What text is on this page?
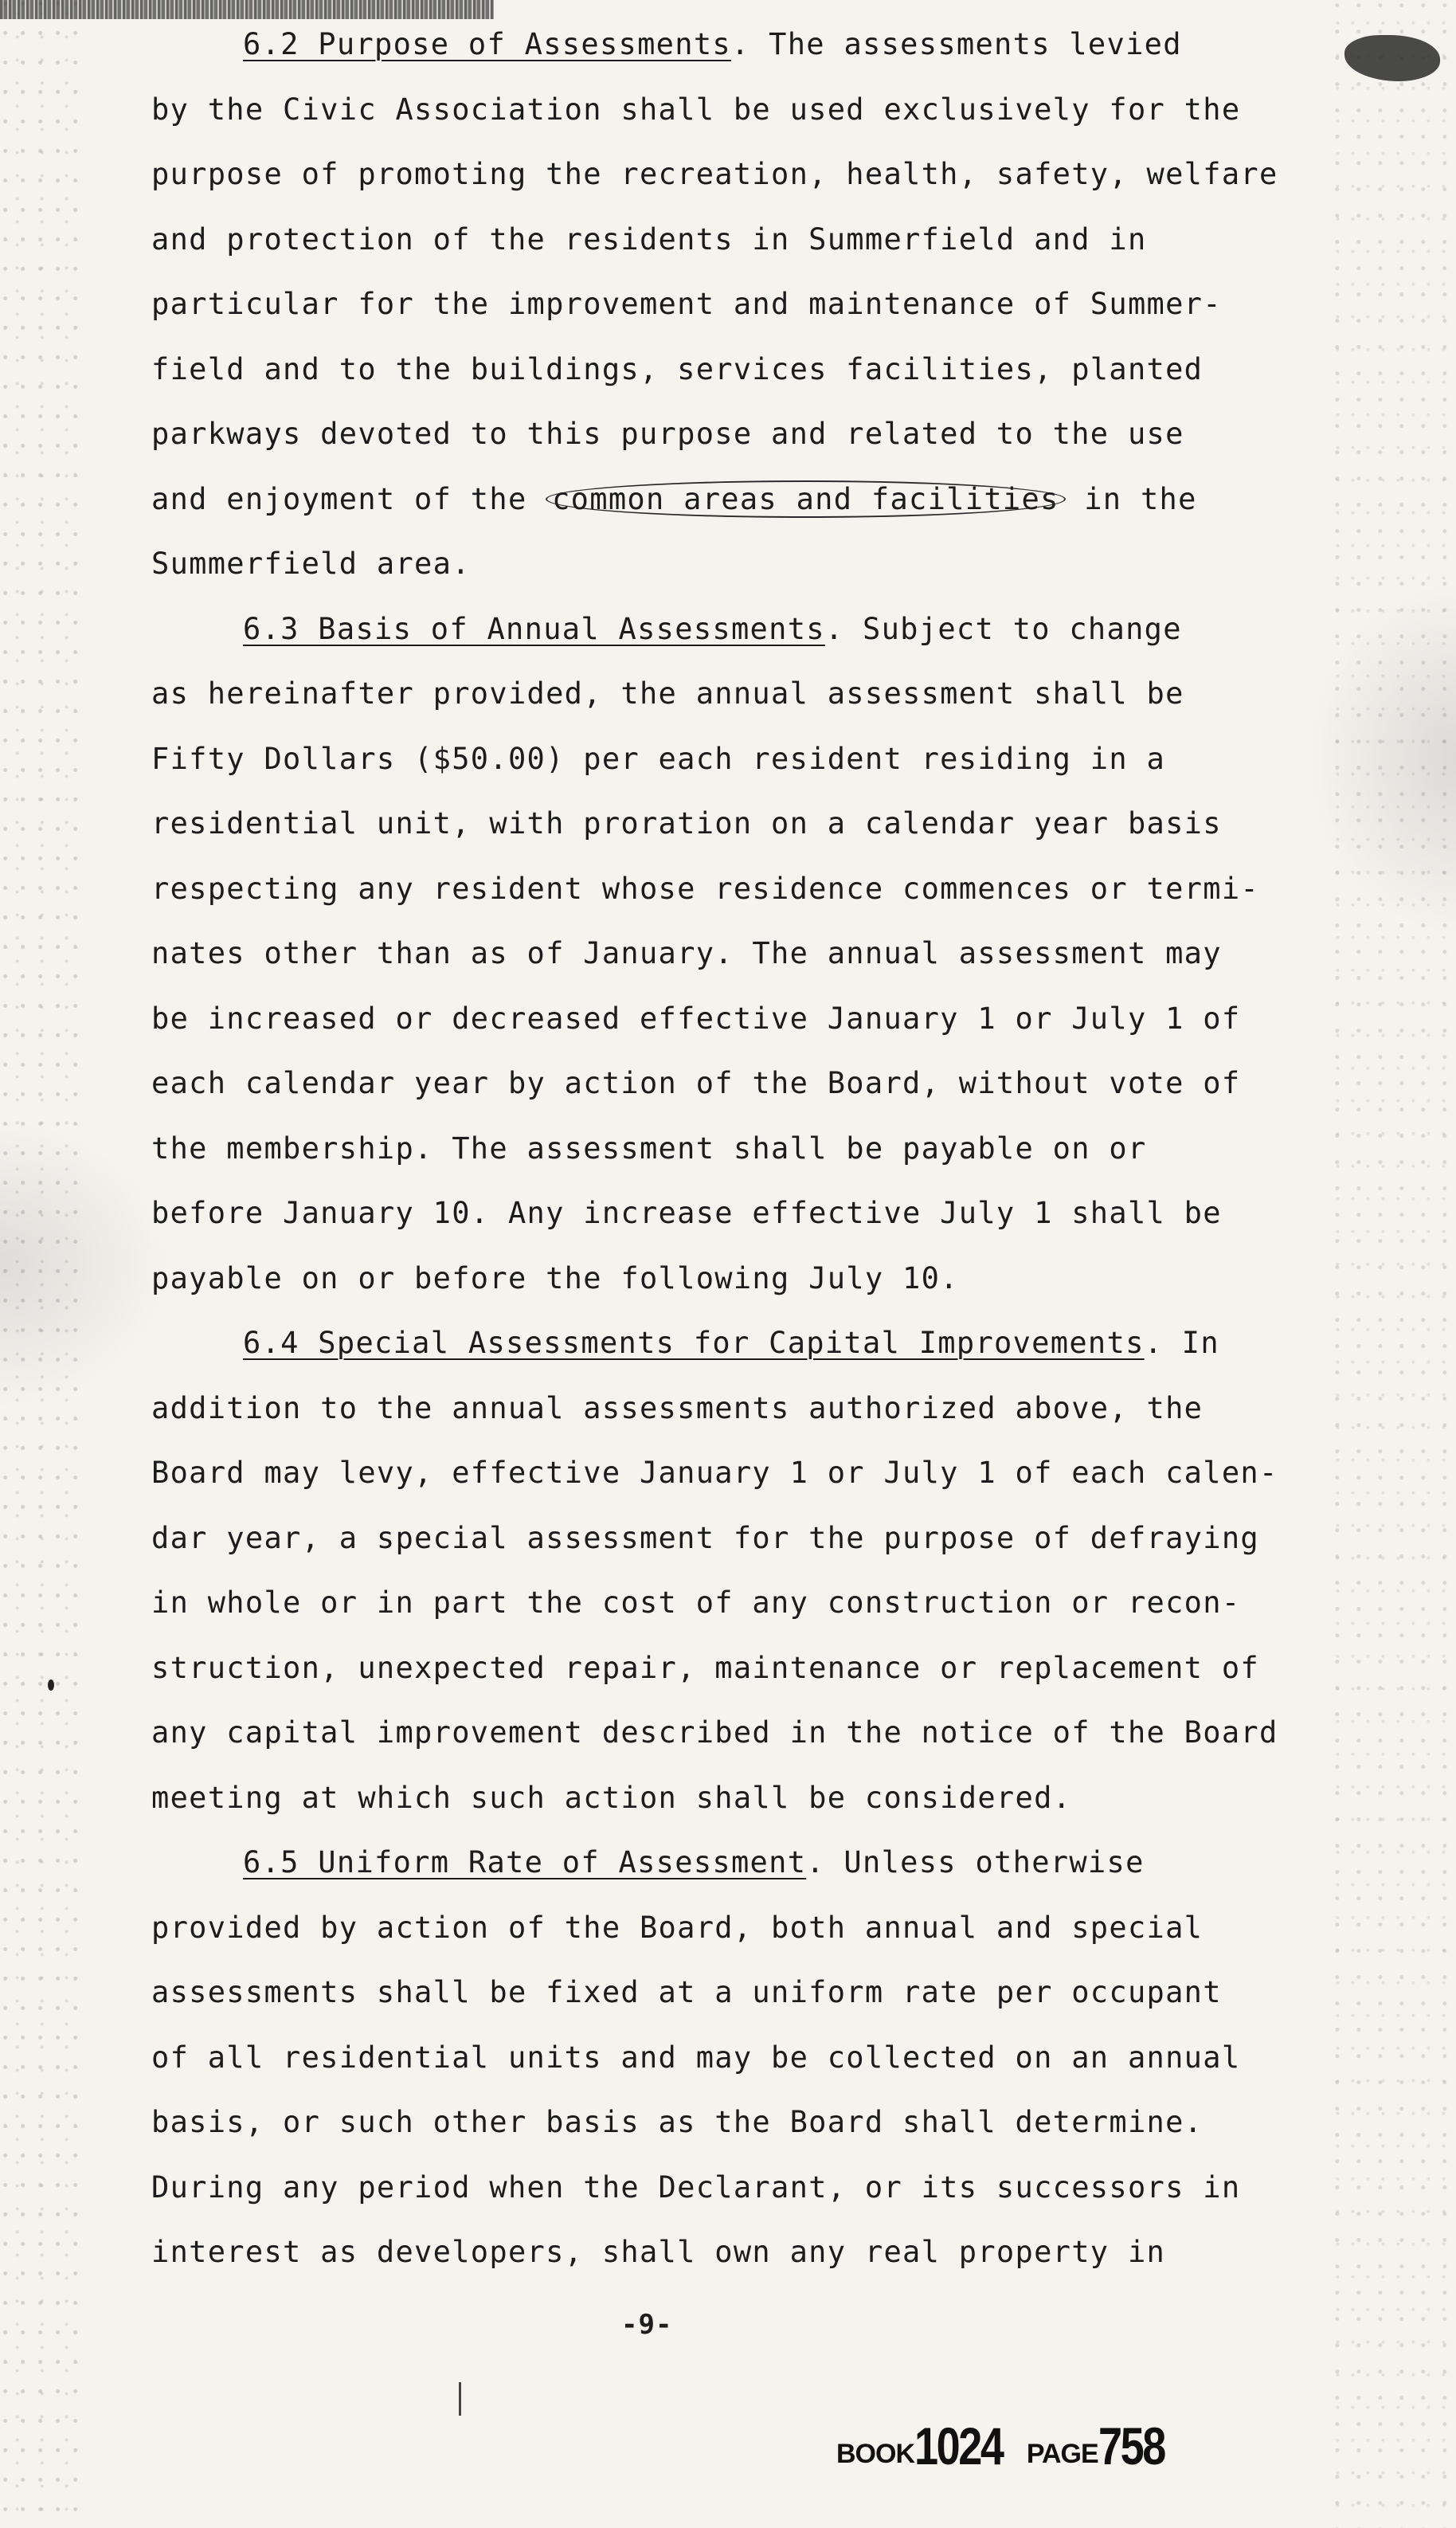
6.2 Purpose of Assessments. The assessments levied
by the Civic Association shall be used exclusively for the
purpose of promoting the recreation, health, safety, welfare
and protection of the residents in Summerfield and in
particular for the improvement and maintenance of Summer-
field and to the buildings, services facilities, planted
parkways devoted to this purpose and related to the use
and enjoyment of the common areas and facilities in the
Summerfield area.
6.3 Basis of Annual Assessments. Subject to change
as hereinafter provided, the annual assessment shall be
Fifty Dollars ($50.00) per each resident residing in a
residential unit, with proration on a calendar year basis
respecting any resident whose residence commences or termi-
nates other than as of January. The annual assessment may
be increased or decreased effective January 1 or July 1 of
each calendar year by action of the Board, without vote of
the membership. The assessment shall be payable on or
before January 10. Any increase effective July 1 shall be
payable on or before the following July 10.
6.4 Special Assessments for Capital Improvements. In
addition to the annual assessments authorized above, the
Board may levy, effective January 1 or July 1 of each calen-
dar year, a special assessment for the purpose of defraying
in whole or in part the cost of any construction or recon-
struction, unexpected repair, maintenance or replacement of
any capital improvement described in the notice of the Board
meeting at which such action shall be considered.
6.5 Uniform Rate of Assessment. Unless otherwise
provided by action of the Board, both annual and special
assessments shall be fixed at a uniform rate per occupant
of all residential units and may be collected on an annual
basis, or such other basis as the Board shall determine.
During any period when the Declarant, or its successors in
interest as developers, shall own any real property in
-9-
BOOK1024 PAGE758
